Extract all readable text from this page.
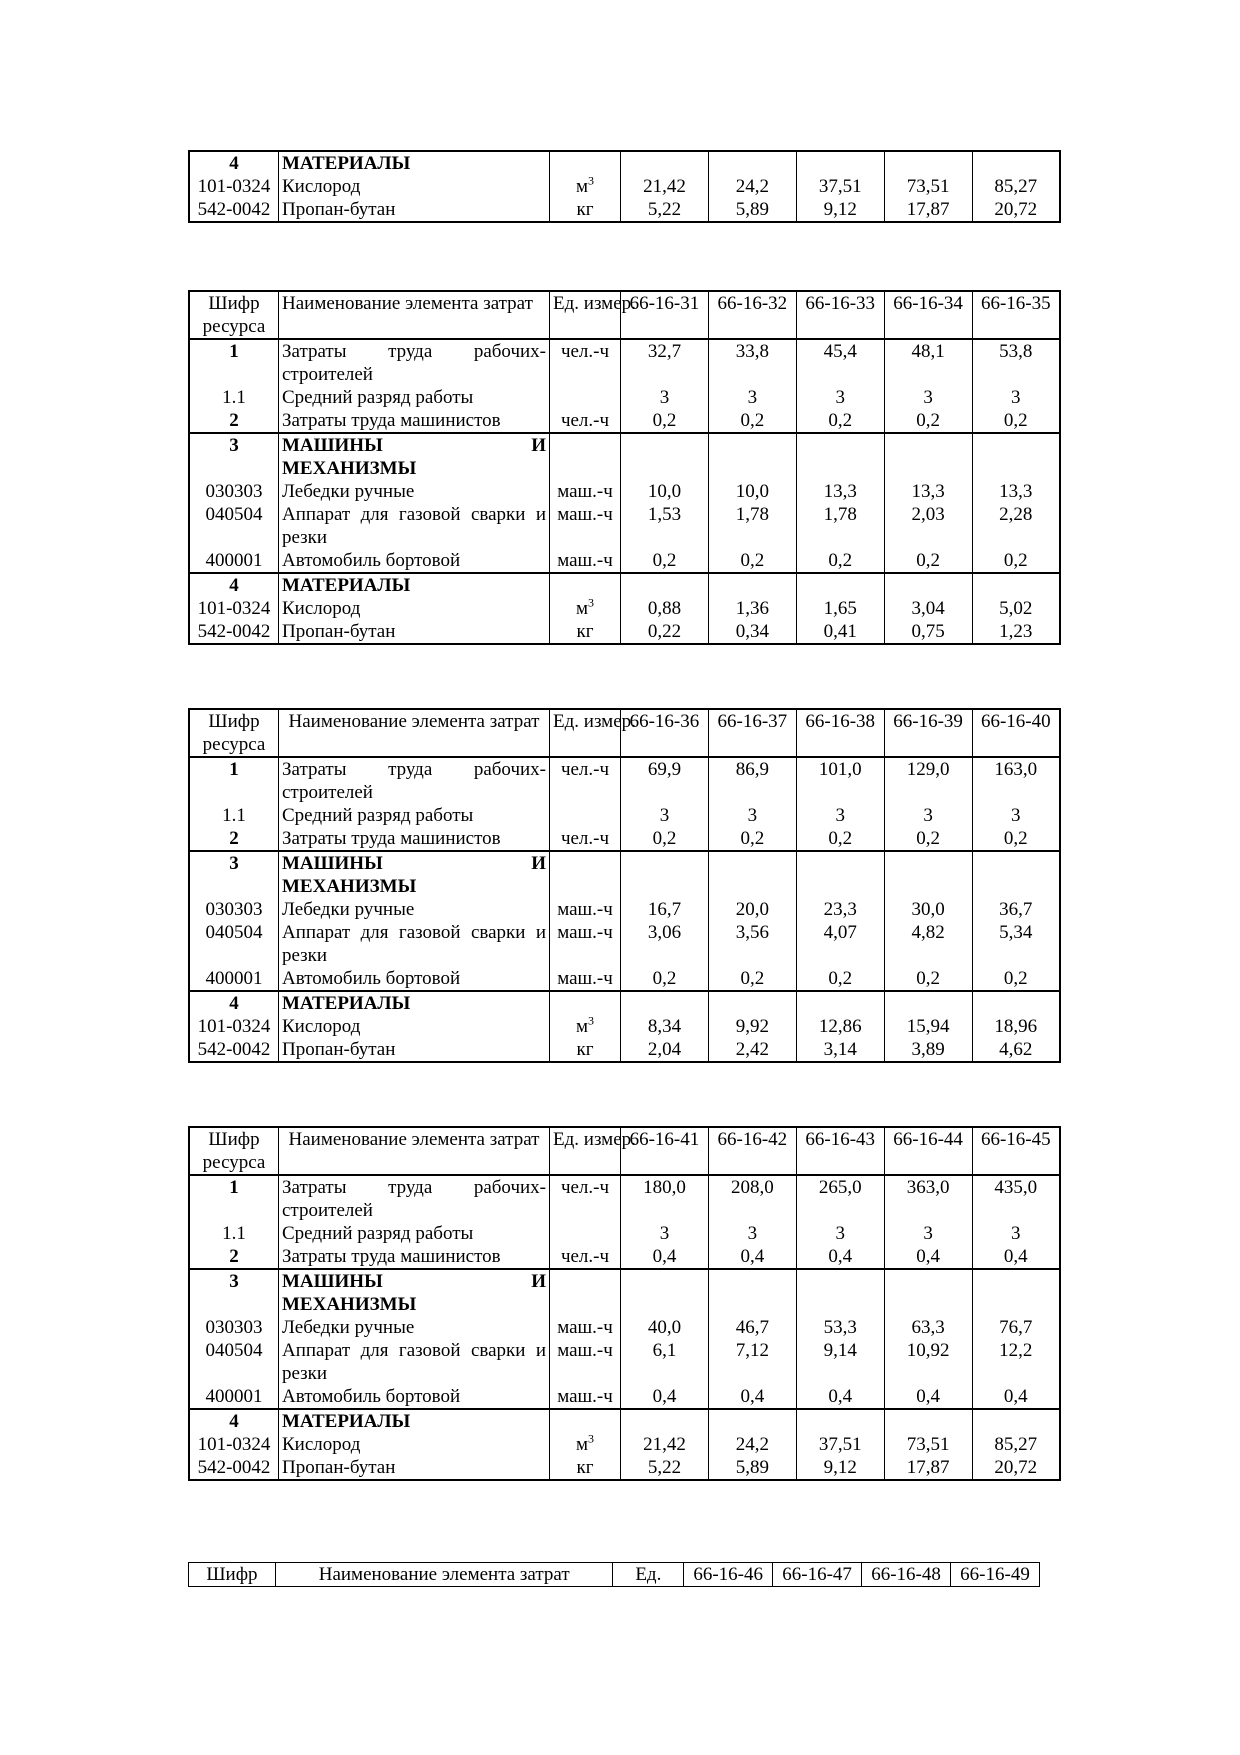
4	МАТЕРИАЛЫ						
101-0324	Кислород	$м^3$	21,42	24,2	37,51	73,51	85,27
542-0042	Пропан-бутан	кг	5,22	5,89	9,12	17,87	20,72
Шифр ресурса	Наименование элемента затрат	Ед. измер.	66-16-31	66-16-32	66-16-33	66-16-34	66-16-35
1	Затраты труда рабочих-строителей	чел.-ч	32,7	33,8	45,4	48,1	53,8
1.1	Средний разряд работы		3	3	3	3	3
2	Затраты труда машинистов	чел.-ч	0,2	0,2	0,2	0,2	0,2
3	МАШИНЫ И
МЕХАНИЗМЫ						

030303	Лебедки ручные	маш.-ч	10,0	10,0	13,3	13,3	13,3
040504	Аппарат для газовой сварки и резки	маш.-ч	1,53	1,78	1,78	2,03	2,28
400001	Автомобиль бортовой	маш.-ч	0,2	0,2	0,2	0,2	0,2
4	МАТЕРИАЛЫ						
101-0324	Кислород	$м^3$	0,88	1,36	1,65	3,04	5,02
542-0042	Пропан-бутан	кг	0,22	0,34	0,41	0,75	1,23
Шифр ресурса	Наименование элемента затрат	Ед. измер.	66-16-36	66-16-37	66-16-38	66-16-39	66-16-40
1	Затраты труда рабочих-строителей	чел.-ч	69,9	86,9	101,0	129,0	163,0
1.1	Средний разряд работы		3	3	3	3	3
2	Затраты труда машинистов	чел.-ч	0,2	0,2	0,2	0,2	0,2
3	МАШИНЫ И
МЕХАНИЗМЫ						

030303	Лебедки ручные	маш.-ч	16,7	20,0	23,3	30,0	36,7
040504	Аппарат для газовой сварки и резки	маш.-ч	3,06	3,56	4,07	4,82	5,34
400001	Автомобиль бортовой	маш.-ч	0,2	0,2	0,2	0,2	0,2
4	МАТЕРИАЛЫ						
101-0324	Кислород	$м^3$	8,34	9,92	12,86	15,94	18,96
542-0042	Пропан-бутан	кг	2,04	2,42	3,14	3,89	4,62
Шифр ресурса	Наименование элемента затрат	Ед. измер.	66-16-41	66-16-42	66-16-43	66-16-44	66-16-45
1	Затраты труда рабочих-строителей	чел.-ч	180,0	208,0	265,0	363,0	435,0
1.1	Средний разряд работы		3	3	3	3	3
2	Затраты труда машинистов	чел.-ч	0,4	0,4	0,4	0,4	0,4
3	МАШИНЫ И
МЕХАНИЗМЫ						

030303	Лебедки ручные	маш.-ч	40,0	46,7	53,3	63,3	76,7
040504	Аппарат для газовой сварки и резки	маш.-ч	6,1	7,12	9,14	10,92	12,2
400001	Автомобиль бортовой	маш.-ч	0,4	0,4	0,4	0,4	0,4
4	МАТЕРИАЛЫ						
101-0324	Кислород	$м^3$	21,42	24,2	37,51	73,51	85,27
542-0042	Пропан-бутан	кг	5,22	5,89	9,12	17,87	20,72
Шифр	Наименование элемента затрат	Ед.	66-16-46	66-16-47	66-16-48	66-16-49
